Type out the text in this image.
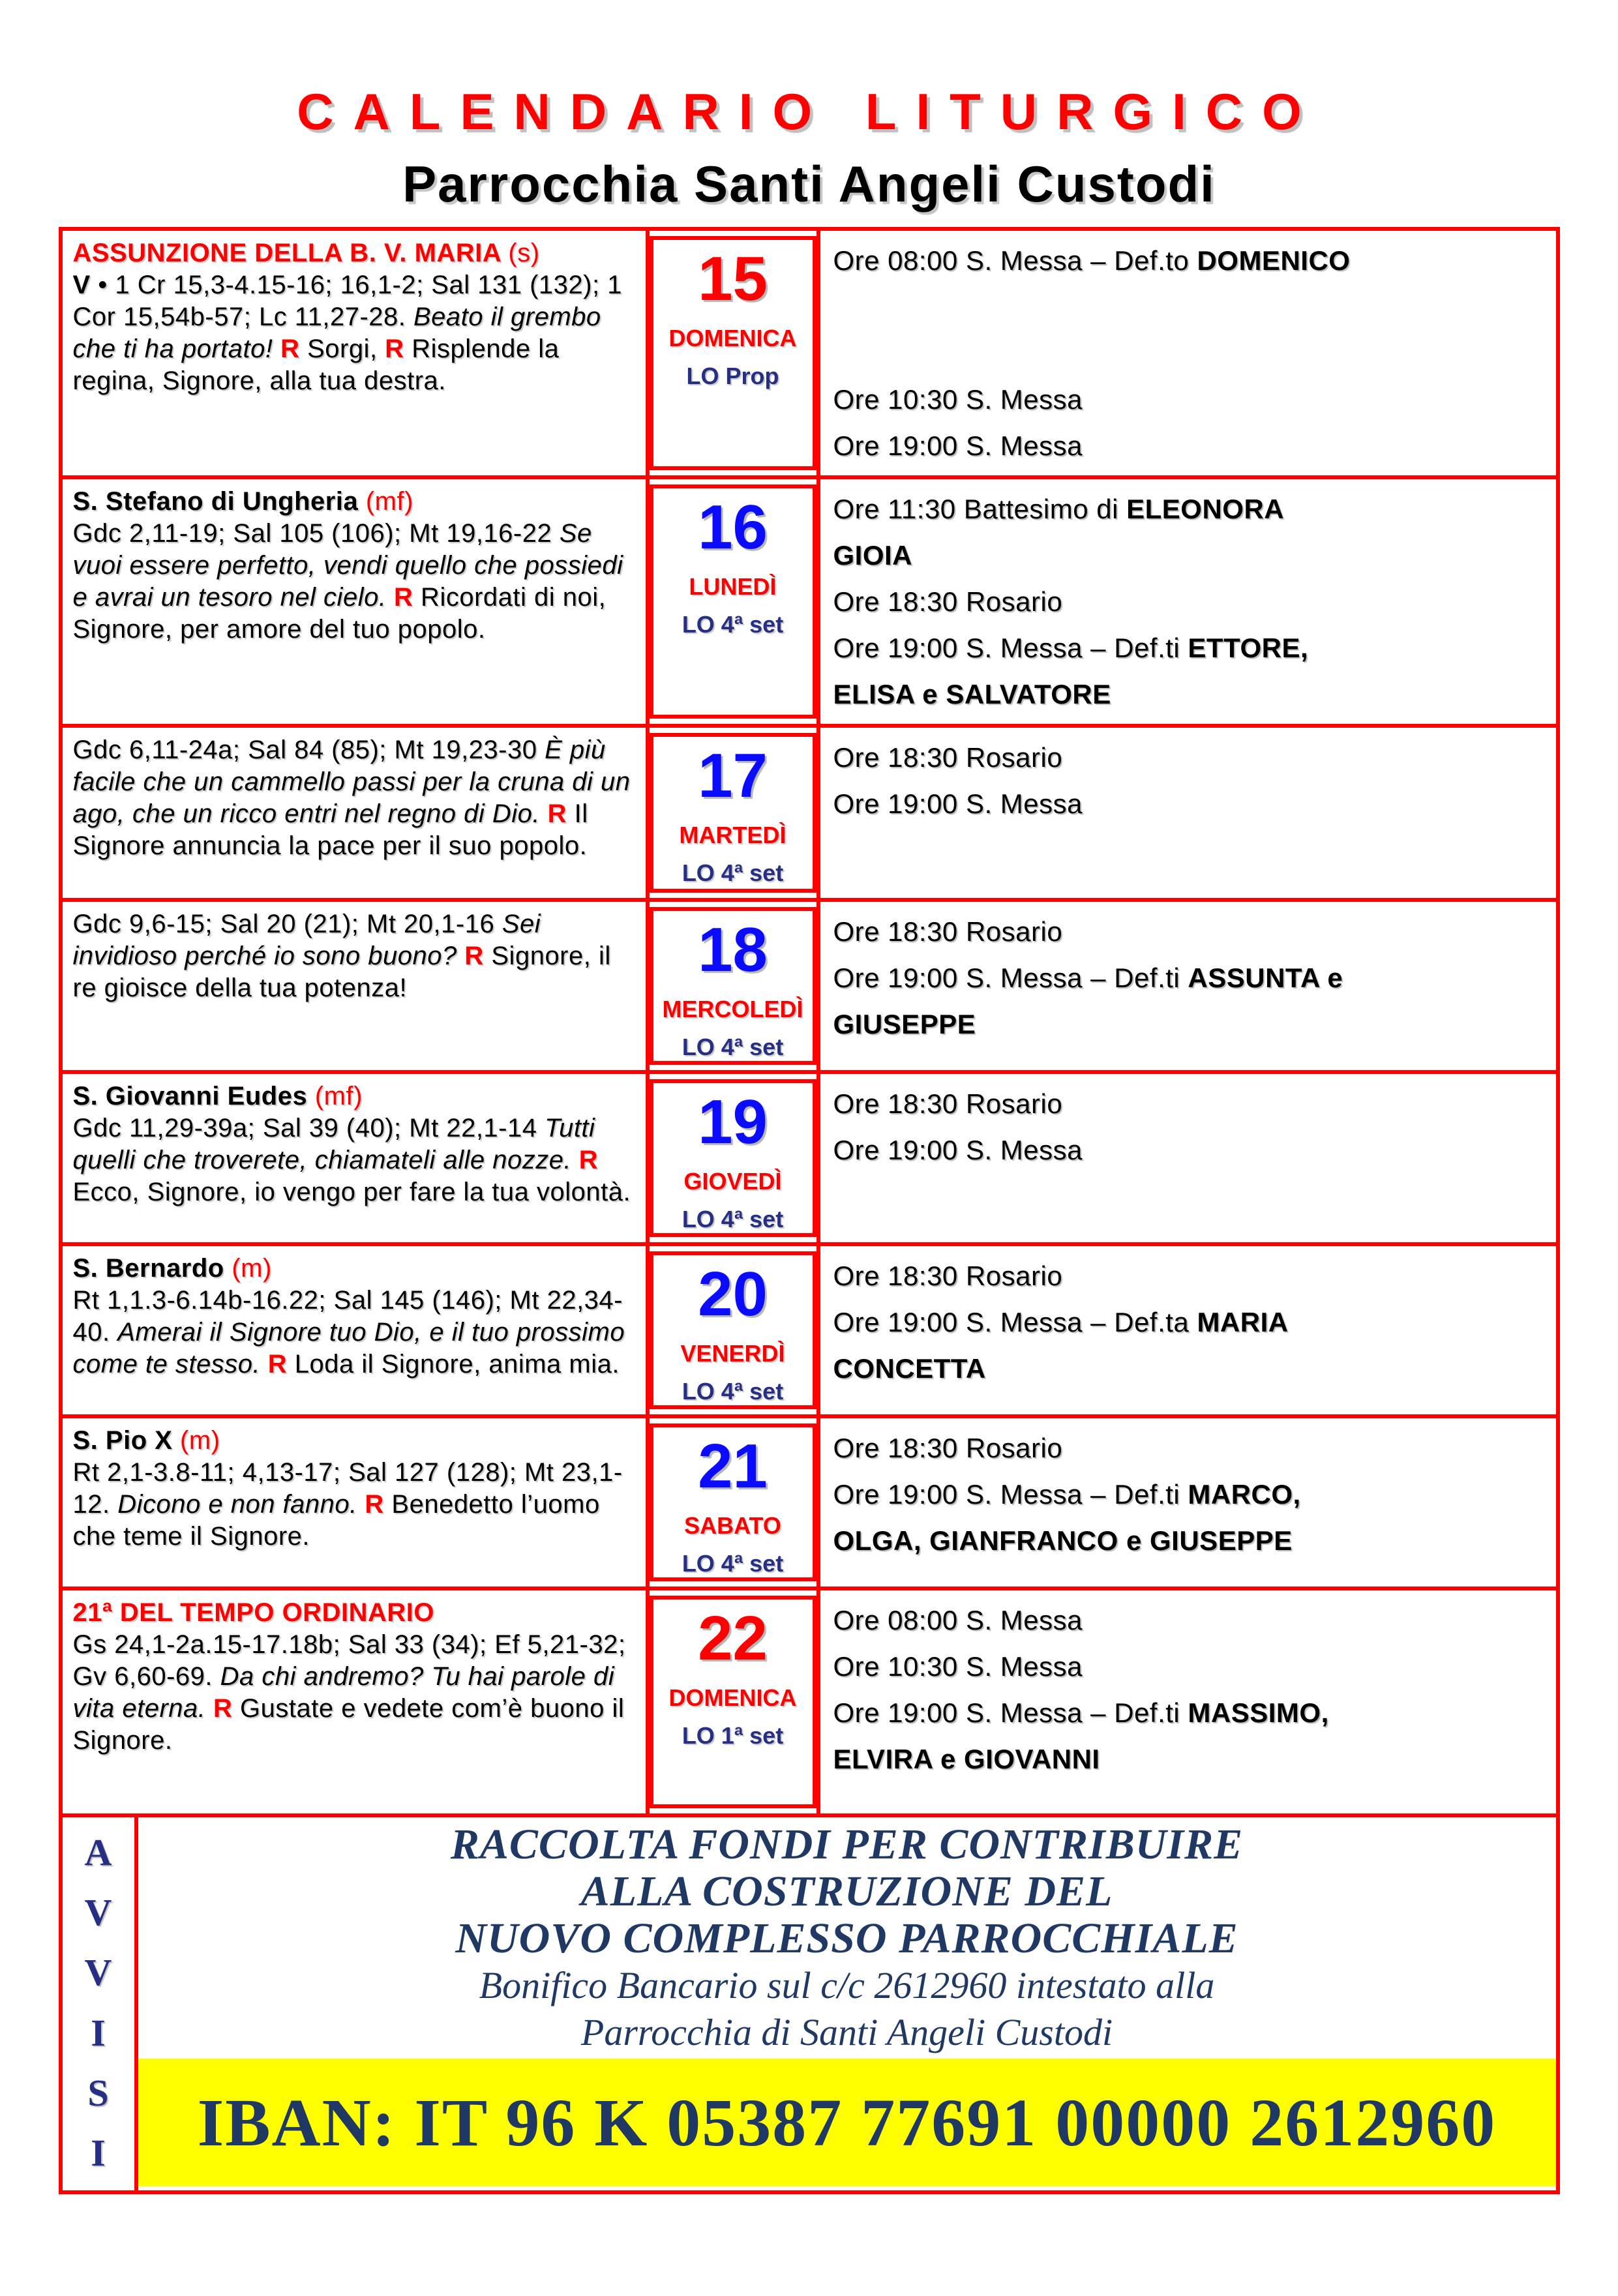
CALENDARIO LITURGICO
Parrocchia Santi Angeli Custodi
ASSUNZIONE DELLA B. V. MARIA (s)
V • 1 Cr 15,3-4.15-16; 16,1-2; Sal 131 (132); 1 Cor 15,54b-57; Lc 11,27-28. Beato il grembo che ti ha portato! R Sorgi, R Risplende la regina, Signore, alla tua destra.
15
DOMENICA
LO Prop
Ore 08:00 S. Messa – Def.to DOMENICO

Ore 10:30 S. Messa
Ore 19:00 S. Messa
S. Stefano di Ungheria (mf)
Gdc 2,11-19; Sal 105 (106); Mt 19,16-22 Se vuoi essere perfetto, vendi quello che possiedi e avrai un tesoro nel cielo. R Ricordati di noi, Signore, per amore del tuo popolo.
16
LUNEDÌ
LO 4ª set
Ore 11:30 Battesimo di ELEONORA
GIOIA
Ore 18:30 Rosario
Ore 19:00 S. Messa – Def.ti ETTORE,
ELISA e SALVATORE
Gdc 6,11-24a; Sal 84 (85); Mt 19,23-30 È più facile che un cammello passi per la cruna di un ago, che un ricco entri nel regno di Dio. R Il Signore annuncia la pace per il suo popolo.
17
MARTEDÌ
LO 4ª set
Ore 18:30 Rosario
Ore 19:00 S. Messa
Gdc 9,6-15; Sal 20 (21); Mt 20,1-16 Sei invidioso perché io sono buono? R Signore, il re gioisce della tua potenza!
18
MERCOLEDÌ
LO 4ª set
Ore 18:30 Rosario
Ore 19:00 S. Messa – Def.ti ASSUNTA e
GIUSEPPE
S. Giovanni Eudes (mf)
Gdc 11,29-39a; Sal 39 (40); Mt 22,1-14 Tutti quelli che troverete, chiamateli alle nozze. R Ecco, Signore, io vengo per fare la tua volontà.
19
GIOVEDÌ
LO 4ª set
Ore 18:30 Rosario
Ore 19:00 S. Messa
S. Bernardo (m)
Rt 1,1.3-6.14b-16.22; Sal 145 (146); Mt 22,34-40. Amerai il Signore tuo Dio, e il tuo prossimo come te stesso. R Loda il Signore, anima mia.
20
VENERDÌ
LO 4ª set
Ore 18:30 Rosario
Ore 19:00 S. Messa – Def.ta MARIA
CONCETTA
S. Pio X (m)
Rt 2,1-3.8-11; 4,13-17; Sal 127 (128); Mt 23,1-12. Dicono e non fanno. R Benedetto l’uomo che teme il Signore.
21
SABATO
LO 4ª set
Ore 18:30 Rosario
Ore 19:00 S. Messa – Def.ti MARCO,
OLGA, GIANFRANCO e GIUSEPPE
21ª DEL TEMPO ORDINARIO
Gs 24,1-2a.15-17.18b; Sal 33 (34); Ef 5,21-32; Gv 6,60-69. Da chi andremo? Tu hai parole di vita eterna. R Gustate e vedete com’è buono il Signore.
22
DOMENICA
LO 1ª set
Ore 08:00 S. Messa
Ore 10:30 S. Messa
Ore 19:00 S. Messa – Def.ti MASSIMO,
ELVIRA e GIOVANNI
A
V
V
I
S
I
RACCOLTA FONDI PER CONTRIBUIRE
ALLA COSTRUZIONE DEL
NUOVO COMPLESSO PARROCCHIALE
Bonifico Bancario sul c/c 2612960 intestato alla
Parrocchia di Santi Angeli Custodi
IBAN: IT 96 K 05387 77691 00000 2612960
